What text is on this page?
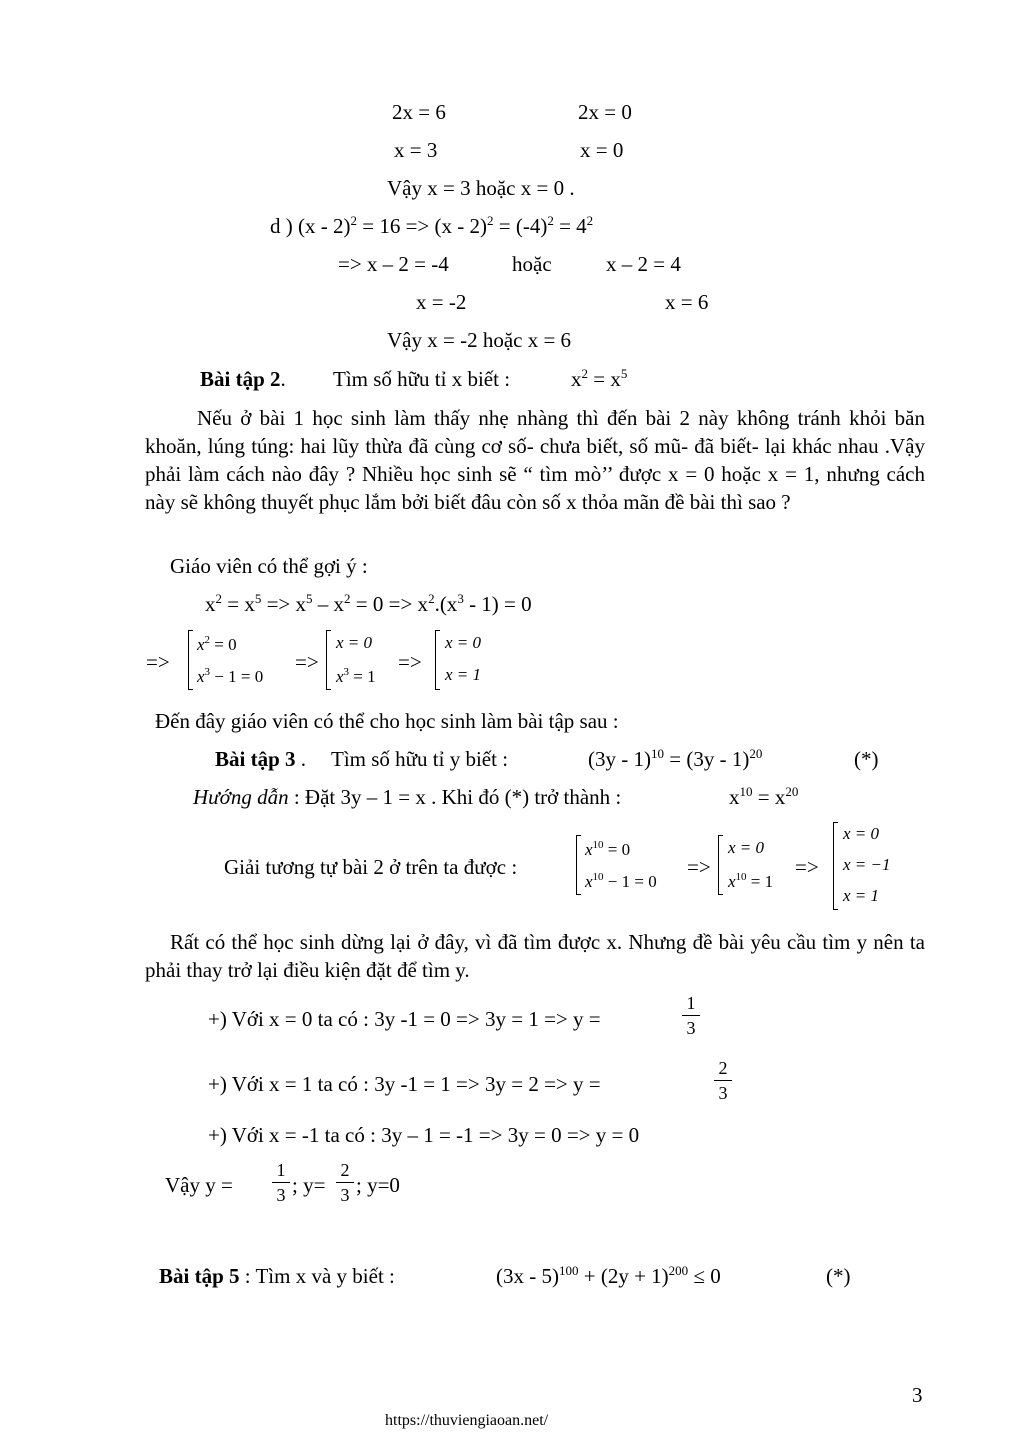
2x = 6	2x = 0
x = 3	x = 0
Vậy x = 3 hoặc x = 0 .
d ) $(x - 2)^2 = 16 => (x - 2)^2 = (-4)^2 = 4^2$
=> x – 2 = -4	hoặc	x – 2 = 4
x = -2	x = 6
Vậy x = -2 hoặc x = 6
Bài tập 2. Tìm số hữu tỉ x biết :	$x^2 = x^5$
Nếu ở bài 1 học sinh làm thấy nhẹ nhàng thì đến bài 2 này không tránh khỏi băn khoăn, lúng túng: hai lũy thừa đã cùng cơ số- chưa biết, số mũ- đã biết- lại khác nhau .Vậy phải làm cách nào đây ? Nhiều học sinh sẽ “ tìm mò’’ được x = 0 hoặc x = 1, nhưng cách này sẽ không thuyết phục lắm bởi biết đâu còn số x thỏa mãn đề bài thì sao ?
Giáo viên có thể gợi ý :
$x^2 = x^5 => x^5 - x^2 = 0 => x^2.(x^3 - 1) = 0$
=>
$x^2 = 0$
$x^3 - 1 = 0$
=>
x = 0
$x^3 = 1$
=>
x = 0
x = 1
Đến đây giáo viên có thể cho học sinh làm bài tập sau :
Bài tập 3 . Tìm số hữu tỉ y biết :	(3y - 1)$^{10}$ = (3y - 1)$^{20}$	(*)
Hướng dẫn : Đặt 3y – 1 = x . Khi đó (*) trở thành :	$x^{10} = x^{20}$
Giải tương tự bài 2 ở trên ta được :
$x^{10} = 0$
$x^{10} - 1 = 0$
=>
x = 0
$x^{10} = 1$
=>
x = 0
x = −1
x = 1
Rất có thể học sinh dừng lại ở đây, vì đã tìm được x. Nhưng đề bài yêu cầu tìm y nên ta phải thay trở lại điều kiện đặt để tìm y.
+) Với x = 0 ta có : 3y -1 = 0 => 3y = 1 => y =
1
3
+) Với x = 1 ta có : 3y -1 = 1 => 3y = 2 => y =
2
3
+) Với x = -1 ta có : 3y – 1 = -1 => 3y = 0 => y = 0
Vậy y =
1
3 ; y=
2
3 ; y=0
Bài tập 5 : Tìm x và y biết :	$(3x - 5)^{100} + (2y + 1)^{200} \le 0$	(*)
3
https://thuviengiaoan.net/
